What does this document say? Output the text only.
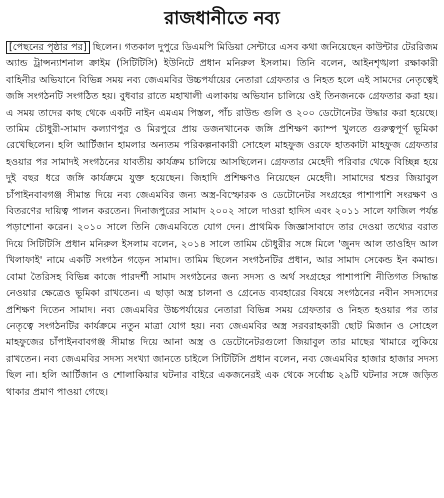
রাজধানীতে নব্য

[পেছনের পৃষ্ঠার পর] ছিলেন। গতকাল দুপুরে ডিএমপি মিডিয়া সেন্টারে এসব কথা জনিয়েছেন কাউন্টার টেররিজম অ্যান্ড ট্রান্সন্যাশনাল ক্রাইম (সিটিটিসি) ইউনিটে প্রধান মনিরুল ইসলাম। তিনি বলেন, আইনশৃঙ্খলা রক্ষাকারী বাহিনীর অভিযানে বিভিন্ন সময় নব্য জেএমবির উচ্চপর্যায়ের নেতারা গ্রেফতার ও নিহত হলে এই সামদের নেতৃত্বেই জঙ্গি সংগঠনটি সংগঠিত হয়। বুধবার রাতে মহাখালী এলাকায় অভিযান চালিয়ে ওই তিনজনকে গ্রেফতার করা হয়। এ সময় তাদের কাছ থেকে একটি নাইন এমএম পিস্তল, পাঁচ রাউন্ড গুলি ও ২০০ ডেটোনেটর উদ্ধার করা হয়েছে। তামিম চৌধুরী-সামাদ কল্যাণপুর ও মিরপুরে প্রায় ডজনখানেক জঙ্গি প্রশিক্ষণ ক্যাম্প খুলতে গুরুত্বপূর্ণ ভূমিকা রেখেছিলেন। হলি আর্টিজান হামলার অন্যতম পরিকল্পনাকারী সোহেল মাহফুজ ওরফে হাতকাটা মাহফুজ গ্রেফতার হওয়ার পর সামাদই সংগঠনের যাবতীয় কার্যক্রম চালিয়ে আসছিলেন। গ্রেফতার মেহেদী পরিবার থেকে বিচ্ছিন্ন হয়ে দুই বছর ধরে জঙ্গি কার্যক্রমে যুক্ত হয়েছেন। জিহাদি প্রশিক্ষণও নিয়েছেন মেহেদী। সামাদের শ্বশুর জিয়াবুল চাঁপাইনবাবগঞ্জ সীমান্ত দিয়ে নব্য জেএমবির জন্য অস্ত্র-বিস্ফোরক ও ডেটোনেটর সংগ্রহের পাশাপাশি সংরক্ষণ ও বিতরণের দায়িত্ব পালন করতেন। দিনাজপুরের সামাদ ২০০২ সালে দাওরা হাদিস এবং ২০১১ সালে ফাজিল পর্যন্ত পড়াশোনা করেন। ২০১০ সালে তিনি জেএমবিতে যোগ দেন। প্রাথমিক জিজ্ঞাসাবাদে তার দেওয়া তথ্যের বরাত দিয়ে সিটিটিসি প্রধান মনিরুল ইসলাম বলেন, ২০১৪ সালে তামিম চৌধুরীর সঙ্গে মিলে 'জুনদ আল তাওহিদ আল খিলাফাই' নামে একটি সংগঠন গড়েন সামাদ। তামিম ছিলেন সংগঠনটির প্রধান, আর সামাদ সেকেন্ড ইন কমান্ড। বোমা তৈরিসহ বিভিন্ন কাজে পারদর্শী সামাদ সংগঠনের জন্য সদস্য ও অর্থ সংগ্রহের পাশাপাশি নীতিগত সিদ্ধান্ত নেওয়ার ক্ষেত্রেও ভূমিকা রাখতেন। এ ছাড়া অস্ত্র চালনা ও গ্রেনেড ব্যবহারের বিষয়ে সংগঠনের নবীন সদস্যদের প্রশিক্ষণ দিতেন সামাদ। নব্য জেএমবির উচ্চপর্যায়ের নেতারা বিভিন্ন সময় গ্রেফতার ও নিহত হওয়ার পর তার নেতৃত্বে সংগঠনটির কার্যক্রমে নতুন মাত্রা যোগ হয়। নব্য জেএমবির অস্ত্র সরবরাহকারী ছোট মিজান ও সোহেল মাহফুজের চাঁপাইনবাবগঞ্জ সীমান্ত দিয়ে আনা অস্ত্র ও ডেটোনেটরগুলো জিয়াবুল তার মাছের খামারে লুকিয়ে রাখতেন। নব্য জেএমবির সদস্য সংখ্যা জানতে চাইলে সিটিটিসি প্রধান বলেন, নব্য জেএমবির হাজার হাজার সদস্য ছিল না। হলি আর্টিজান ও শোলাকিয়ার ঘটনার বাইরে একজনেরই এক থেকে সর্বোচ্চ ২৯টি ঘটনার সঙ্গে জড়িত থাকার প্রমাণ পাওয়া গেছে।
